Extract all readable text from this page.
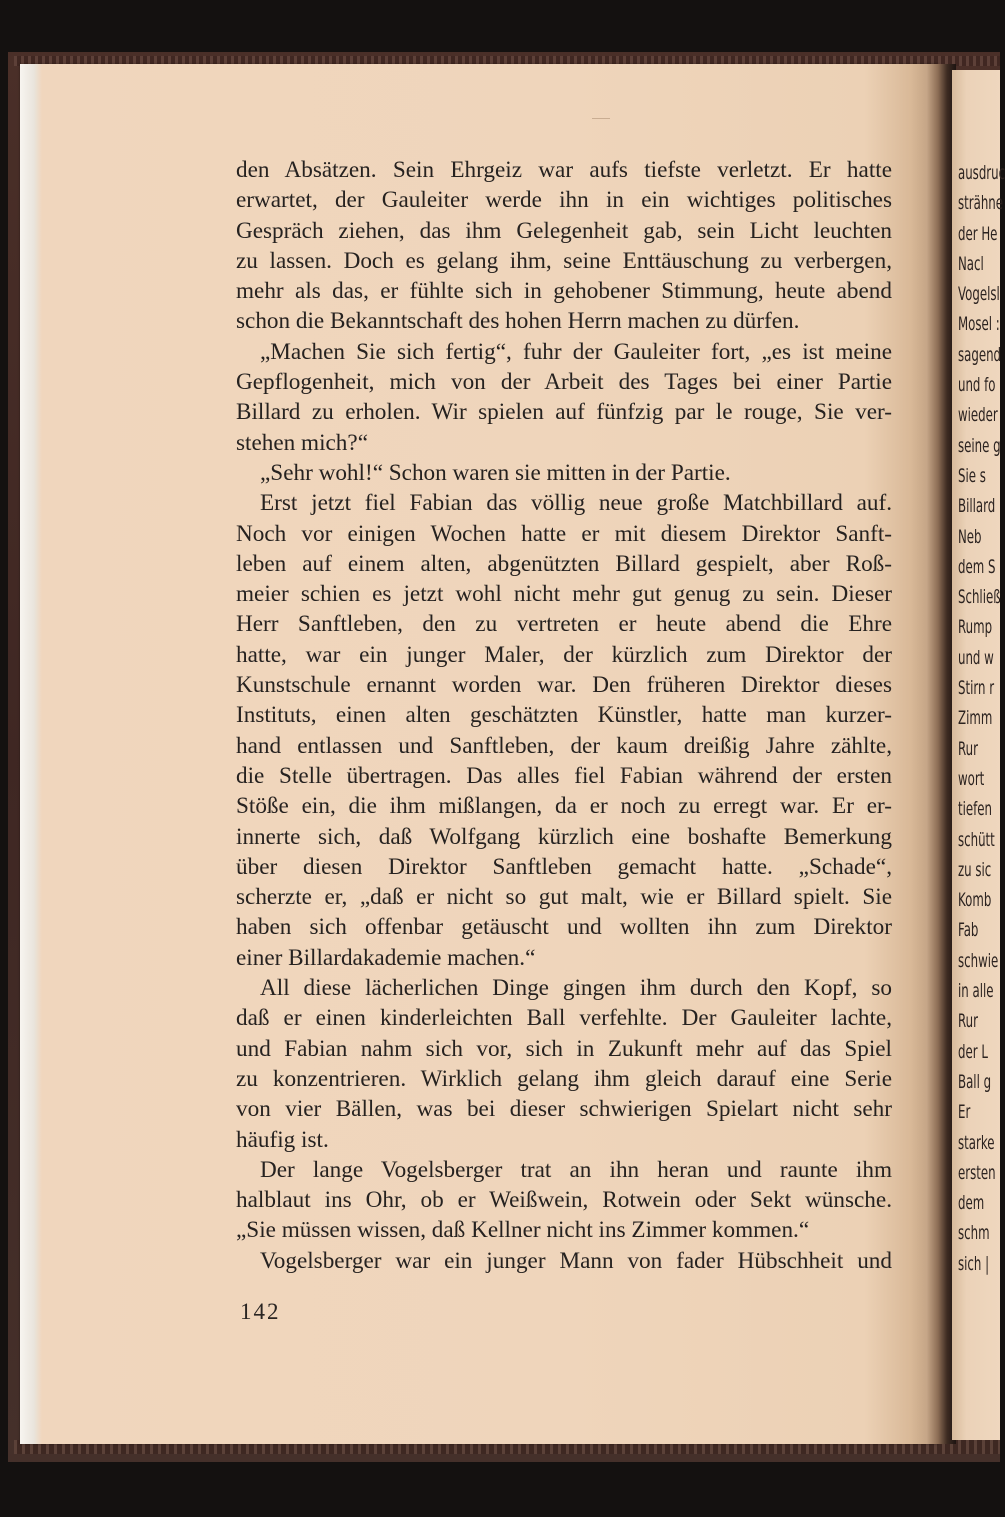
den Absätzen. Sein Ehrgeiz war aufs tiefste verletzt. Er hatte
erwartet, der Gauleiter werde ihn in ein wichtiges politisches
Gespräch ziehen, das ihm Gelegenheit gab, sein Licht leuchten
zu lassen. Doch es gelang ihm, seine Enttäuschung zu verbergen,
mehr als das, er fühlte sich in gehobener Stimmung, heute abend
schon die Bekanntschaft des hohen Herrn machen zu dürfen.
„Machen Sie sich fertig“, fuhr der Gauleiter fort, „es ist meine
Gepflogenheit, mich von der Arbeit des Tages bei einer Partie
Billard zu erholen. Wir spielen auf fünfzig par le rouge, Sie ver-
stehen mich?“
„Sehr wohl!“ Schon waren sie mitten in der Partie.
Erst jetzt fiel Fabian das völlig neue große Matchbillard auf.
Noch vor einigen Wochen hatte er mit diesem Direktor Sanft-
leben auf einem alten, abgenützten Billard gespielt, aber Roß-
meier schien es jetzt wohl nicht mehr gut genug zu sein. Dieser
Herr Sanftleben, den zu vertreten er heute abend die Ehre
hatte, war ein junger Maler, der kürzlich zum Direktor der
Kunstschule ernannt worden war. Den früheren Direktor dieses
Instituts, einen alten geschätzten Künstler, hatte man kurzer-
hand entlassen und Sanftleben, der kaum dreißig Jahre zählte,
die Stelle übertragen. Das alles fiel Fabian während der ersten
Stöße ein, die ihm mißlangen, da er noch zu erregt war. Er er-
innerte sich, daß Wolfgang kürzlich eine boshafte Bemerkung
über diesen Direktor Sanftleben gemacht hatte. „Schade“,
scherzte er, „daß er nicht so gut malt, wie er Billard spielt. Sie
haben sich offenbar getäuscht und wollten ihn zum Direktor
einer Billardakademie machen.“
All diese lächerlichen Dinge gingen ihm durch den Kopf, so
daß er einen kinderleichten Ball verfehlte. Der Gauleiter lachte,
und Fabian nahm sich vor, sich in Zukunft mehr auf das Spiel
zu konzentrieren. Wirklich gelang ihm gleich darauf eine Serie
von vier Bällen, was bei dieser schwierigen Spielart nicht sehr
häufig ist.
Der lange Vogelsberger trat an ihn heran und raunte ihm
halblaut ins Ohr, ob er Weißwein, Rotwein oder Sekt wünsche.
„Sie müssen wissen, daß Kellner nicht ins Zimmer kommen.“
Vogelsberger war ein junger Mann von fader Hübschheit und
142
ausdruc
strähne
der He
Nacl
Vogelsl
Mosel :
sagend
und fo
wieder
seine g
Sie s
Billard
Neb
dem S
Schließ
Rump
und w
Stirn r
Zimm
Rur
wort
tiefen
schütt
zu sic
Komb
Fab
schwie
in alle
Rur
der L
Ball g
Er
starke
ersten
dem
schm
sich |
